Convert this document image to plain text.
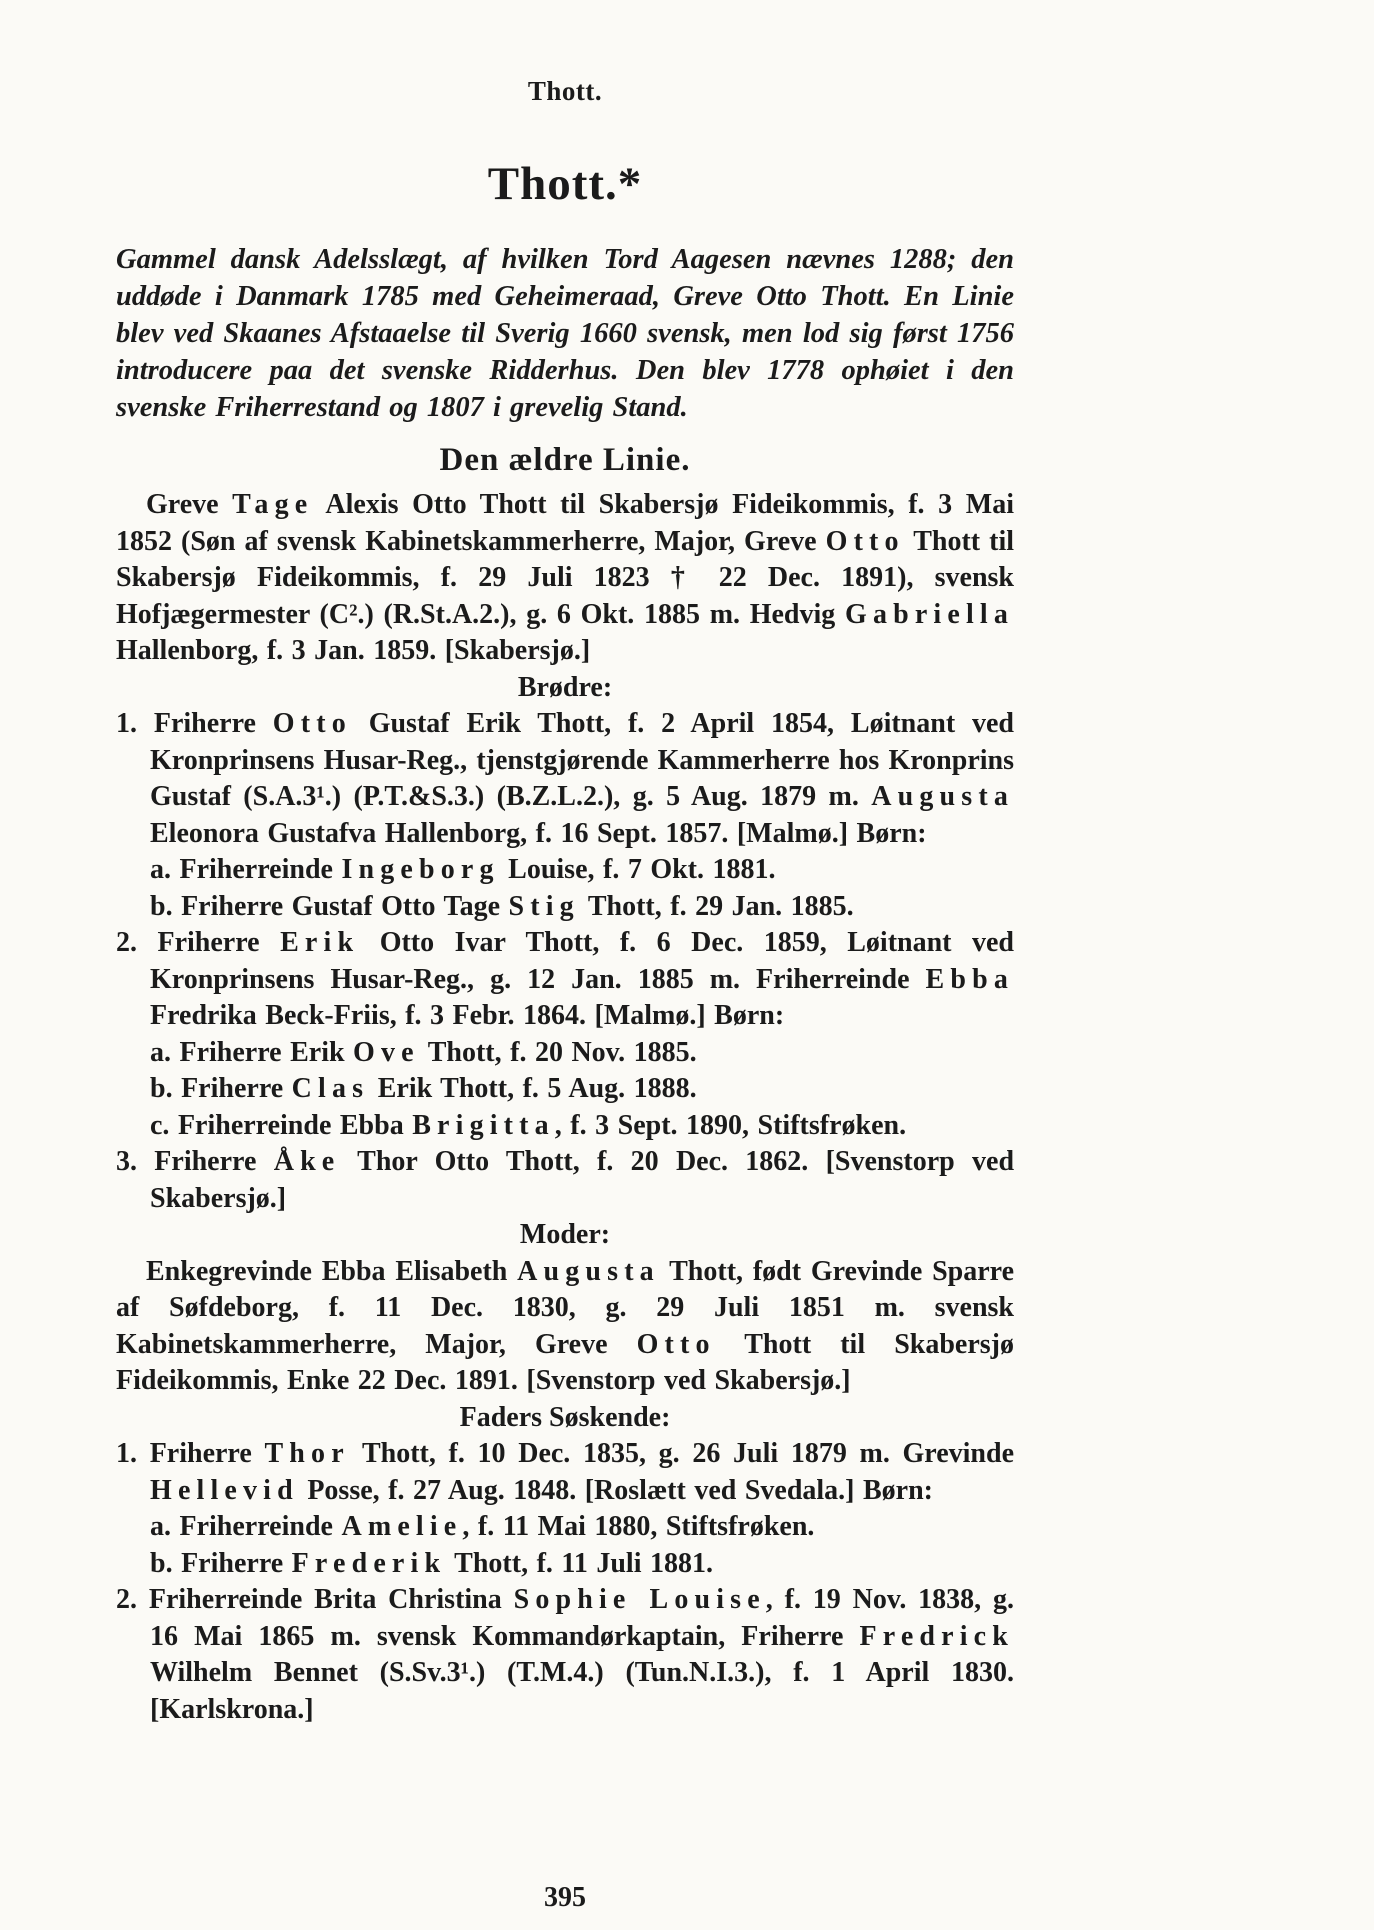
Thott.
Thott.*

Gammel dansk Adelsslægt, af hvilken Tord Aagesen nævnes 1288; den uddøde i Danmark 1785 med Geheimeraad, Greve Otto Thott. En Linie blev ved Skaanes Afstaaelse til Sverig 1660 svensk, men lod sig først 1756 introducere paa det svenske Ridderhus. Den blev 1778 ophøiet i den svenske Friherrestand og 1807 i grevelig Stand.

Den ældre Linie.

Greve Tage Alexis Otto Thott til Skabersjø Fideikommis, f. 3 Mai 1852 (Søn af svensk Kabinetskammerherre, Major, Greve Otto Thott til Skabersjø Fideikommis, f. 29 Juli 1823 † 22 Dec. 1891), svensk Hofjægermester (C².) (R.St.A.2.), g. 6 Okt. 1885 m. Hedvig Gabriella Hallenborg, f. 3 Jan. 1859. [Skabersjø.]

Brødre:
1. Friherre Otto Gustaf Erik Thott, f. 2 April 1854, Løitnant ved Kronprinsens Husar-Reg., tjenstgjørende Kammerherre hos Kronprins Gustaf (S.A.3¹.) (P.T.&S.3.) (B.Z.L.2.), g. 5 Aug. 1879 m. Augusta Eleonora Gustafva Hallenborg, f. 16 Sept. 1857. [Malmø.] Børn:
a. Friherreinde Ingeborg Louise, f. 7 Okt. 1881.
b. Friherre Gustaf Otto Tage Stig Thott, f. 29 Jan. 1885.
2. Friherre Erik Otto Ivar Thott, f. 6 Dec. 1859, Løitnant ved Kronprinsens Husar-Reg., g. 12 Jan. 1885 m. Friherreinde Ebba Fredrika Beck-Friis, f. 3 Febr. 1864. [Malmø.] Børn:
a. Friherre Erik Ove Thott, f. 20 Nov. 1885.
b. Friherre Clas Erik Thott, f. 5 Aug. 1888.
c. Friherreinde Ebba Brigitta, f. 3 Sept. 1890, Stiftsfrøken.
3. Friherre Åke Thor Otto Thott, f. 20 Dec. 1862. [Svenstorp ved Skabersjø.]
Moder:

Enkegrevinde Ebba Elisabeth Augusta Thott, født Grevinde Sparre af Søfdeborg, f. 11 Dec. 1830, g. 29 Juli 1851 m. svensk Kabinetskammerherre, Major, Greve Otto Thott til Skabersjø Fideikommis, Enke 22 Dec. 1891. [Svenstorp ved Skabersjø.]

Faders Søskende:
1. Friherre Thor Thott, f. 10 Dec. 1835, g. 26 Juli 1879 m. Grevinde Hellevid Posse, f. 27 Aug. 1848. [Roslætt ved Svedala.] Børn:
a. Friherreinde Amelie, f. 11 Mai 1880, Stiftsfrøken.
b. Friherre Frederik Thott, f. 11 Juli 1881.
2. Friherreinde Brita Christina Sophie Louise, f. 19 Nov. 1838, g. 16 Mai 1865 m. svensk Kommandørkaptain, Friherre Fredrick Wilhelm Bennet (S.Sv.3¹.) (T.M.4.) (Tun.N.I.3.), f. 1 April 1830. [Karlskrona.]
395
